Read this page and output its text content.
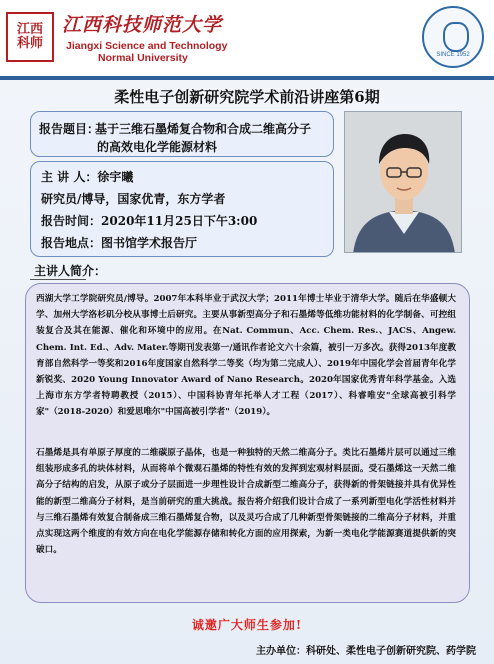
江西
科师
江西科技师范大学
Jiangxi Science and Technology
Normal University	SINCE 1952
柔性电子创新研究院学术前沿讲座第6期
报告题目：
基于三维石墨烯复合物和合成二维高分子
的高效电化学能源材料
主 讲 人：徐宇曦
研究员/博导，国家优青，东方学者
报告时间：2020年11月25日下午3:00
报告地点：图书馆学术报告厅
主讲人简介：
西湖大学工学院研究员/博导。2007年本科毕业于武汉大学；2011年博士毕业于清华大学。随后在华盛顿大学、加州大学洛杉矶分校从事博士后研究。主要从事新型高分子和石墨烯等低维功能材料的化学制备、可控组装复合及其在能源、催化和环境中的应用。在Nat. Commun、Acc. Chem. Res.、JACS、Angew. Chem. Int. Ed.、Adv. Mater.等期刊发表第一/通讯作者论文六十余篇，被引一万多次。获得2013年度教育部自然科学一等奖和2016年度国家自然科学二等奖（均为第二完成人）、2019年中国化学会首届青年化学新锐奖、2020 Young Innovator Award of Nano Research。2020年国家优秀青年科学基金。入选上海市东方学者特聘教授（2015）、中国科协青年托举人才工程（2017）、科睿唯安"全球高被引科学家"（2018-2020）和爱思唯尔"中国高被引学者"（2019）。
石墨烯是具有单原子厚度的二维碳原子晶体，也是一种独特的天然二维高分子。类比石墨烯片层可以通过三维组装形成多孔的块体材料，从而将单个微观石墨烯的特性有效的发挥到宏观材料层面。受石墨烯这一天然二维高分子结构的启发，从原子或分子层面进一步理性设计合成新型二维高分子，获得新的骨架链接并具有优异性能的新型二维高分子材料，是当前研究的重大挑战。报告将介绍我们设计合成了一系列新型电化学活性材料并与三维石墨烯有效复合制备成三维石墨烯复合物，以及灵巧合成了几种新型骨架链接的二维高分子材料，并重点实现这两个维度的有效方向在电化学能源存储和转化方面的应用探索，为新一类电化学能源赛道提供新的突破口。
诚邀广大师生参加!
主办单位：科研处、柔性电子创新研究院、药学院
